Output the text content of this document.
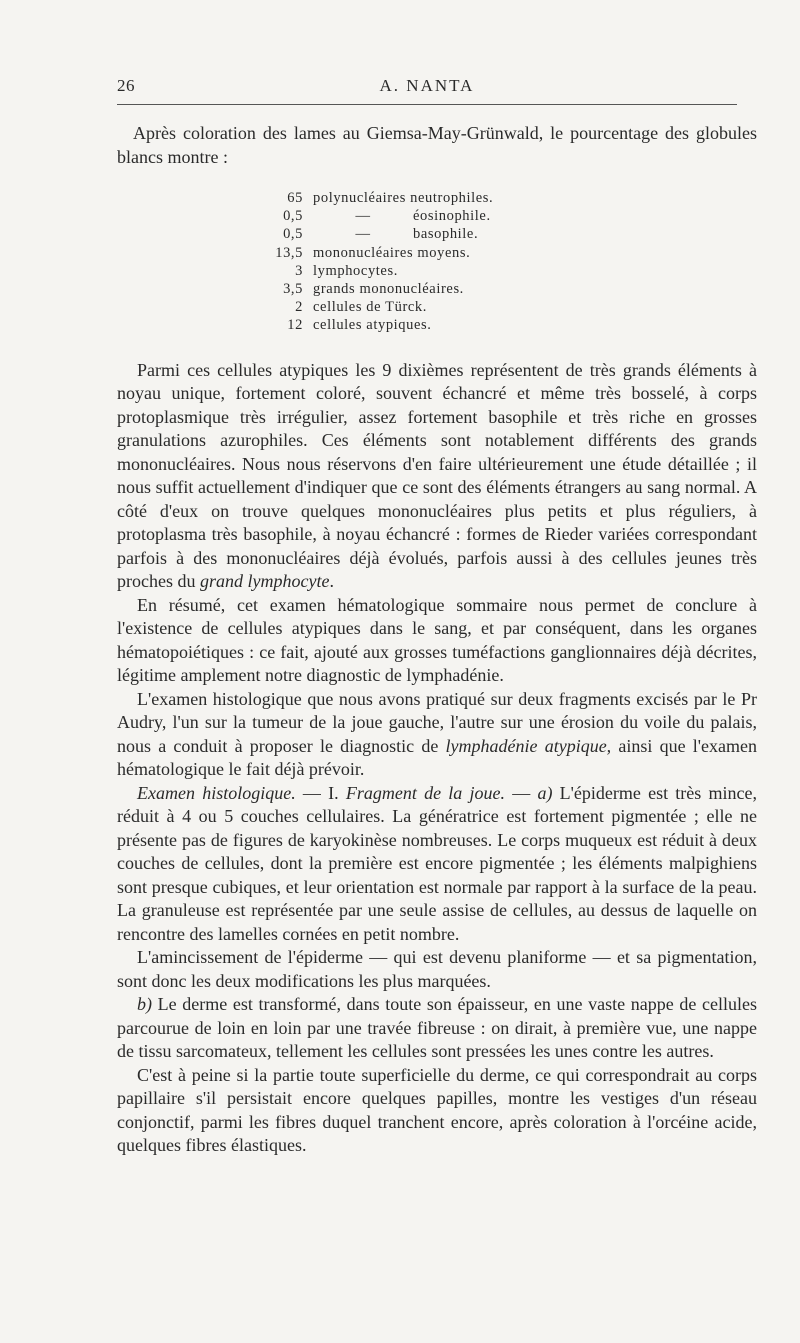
26	A. NANTA

Après coloration des lames au Giemsa-May-Grünwald, le pourcentage des globules blancs montre :

65 polynucléaires neutrophiles.
0,5	—	éosinophile.
0,5	—	basophile.
13,5 mononucléaires moyens.
3 lymphocytes.
3,5 grands mononucléaires.
2 cellules de Türck.
12 cellules atypiques.

Parmi ces cellules atypiques les 9 dixièmes représentent de très grands éléments à noyau unique, fortement coloré, souvent échancré et même très bosselé, à corps protoplasmique très irrégulier, assez fortement basophile et très riche en grosses granulations azurophiles. Ces éléments sont notablement différents des grands mononucléaires. Nous nous réservons d'en faire ultérieurement une étude détaillée ; il nous suffit actuellement d'indiquer que ce sont des éléments étrangers au sang normal. A côté d'eux on trouve quelques mononucléaires plus petits et plus réguliers, à protoplasma très basophile, à noyau échancré : formes de Rieder variées correspondant parfois à des mononucléaires déjà évolués, parfois aussi à des cellules jeunes très proches du grand lymphocyte.

En résumé, cet examen hématologique sommaire nous permet de conclure à l'existence de cellules atypiques dans le sang, et par conséquent, dans les organes hématopoiétiques : ce fait, ajouté aux grosses tuméfactions ganglionnaires déjà décrites, légitime amplement notre diagnostic de lymphadénie.

L'examen histologique que nous avons pratiqué sur deux fragments excisés par le Pr Audry, l'un sur la tumeur de la joue gauche, l'autre sur une érosion du voile du palais, nous a conduit à proposer le diagnostic de lymphadénie atypique, ainsi que l'examen hématologique le fait déjà prévoir.

Examen histologique. — I. Fragment de la joue. — a) L'épiderme est très mince, réduit à 4 ou 5 couches cellulaires. La génératrice est fortement pigmentée ; elle ne présente pas de figures de karyokinèse nombreuses. Le corps muqueux est réduit à deux couches de cellules, dont la première est encore pigmentée ; les éléments malpighiens sont presque cubiques, et leur orientation est normale par rapport à la surface de la peau. La granuleuse est représentée par une seule assise de cellules, au dessus de laquelle on rencontre des lamelles cornées en petit nombre.

L'amincissement de l'épiderme — qui est devenu planiforme — et sa pigmentation, sont donc les deux modifications les plus marquées.

b) Le derme est transformé, dans toute son épaisseur, en une vaste nappe de cellules parcourue de loin en loin par une travée fibreuse : on dirait, à première vue, une nappe de tissu sarcomateux, tellement les cellules sont pressées les unes contre les autres.

C'est à peine si la partie toute superficielle du derme, ce qui correspondrait au corps papillaire s'il persistait encore quelques papilles, montre les vestiges d'un réseau conjonctif, parmi les fibres duquel tranchent encore, après coloration à l'orcéine acide, quelques fibres élastiques.
